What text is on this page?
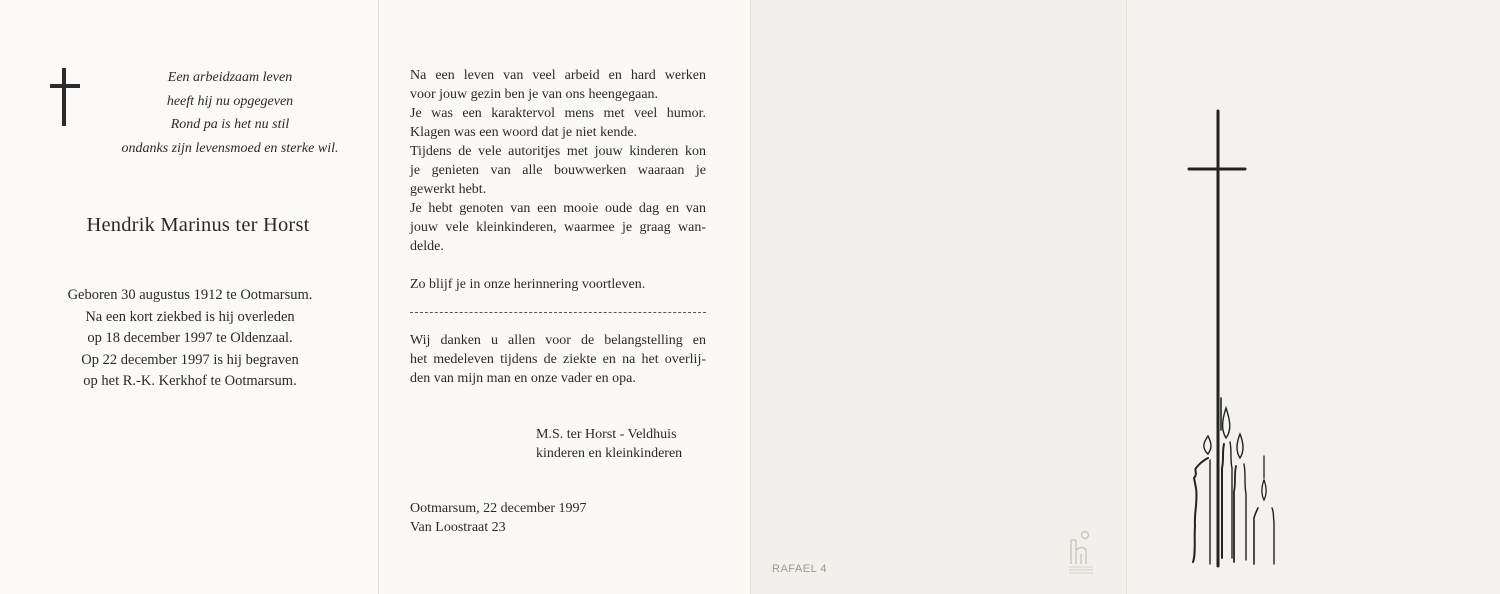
Een arbeidzaam leven
heeft hij nu opgegeven
Rond pa is het nu stil
ondanks zijn levensmoed en sterke wil.
Hendrik Marinus ter Horst
Geboren 30 augustus 1912 te Ootmarsum.
Na een kort ziekbed is hij overleden
op 18 december 1997 te Oldenzaal.
Op 22 december 1997 is hij begraven
op het R.-K. Kerkhof te Ootmarsum.
Na een leven van veel arbeid en hard werken
voor jouw gezin ben je van ons heengegaan.
Je was een karaktervol mens met veel humor.
Klagen was een woord dat je niet kende.
Tijdens de vele autoritjes met jouw kinderen kon
je genieten van alle bouwwerken waaraan je
gewerkt hebt.
Je hebt genoten van een mooie oude dag en van
jouw vele kleinkinderen, waarmee je graag wan-
delde.
Zo blijf je in onze herinnering voortleven.
Wij danken u allen voor de belangstelling en
het medeleven tijdens de ziekte en na het overlij-
den van mijn man en onze vader en opa.
M.S. ter Horst - Veldhuis
kinderen en kleinkinderen
Ootmarsum, 22 december 1997
Van Loostraat 23
RAFAEL 4
